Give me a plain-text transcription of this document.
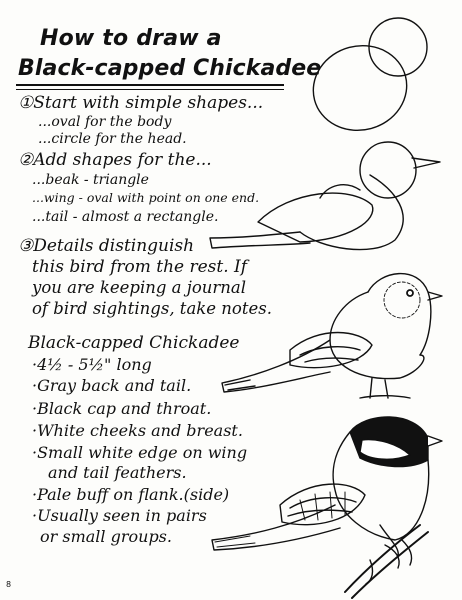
How to draw a
Black-capped Chickadee
①Start with simple shapes...
...oval for the body
...circle for the head.
②Add shapes for the...
...beak - triangle
...wing - oval with point on one end.
...tail - almost a rectangle.
③Details distinguish
this bird from the rest. If
you are keeping a journal
of bird sightings, take notes.
Black-capped Chickadee
·4½ - 5½" long
·Gray back and tail.
·Black cap and throat.
·White cheeks and breast.
·Small white edge on wing
and tail feathers.
·Pale buff on flank.(side)
·Usually seen in pairs
or small groups.
8
